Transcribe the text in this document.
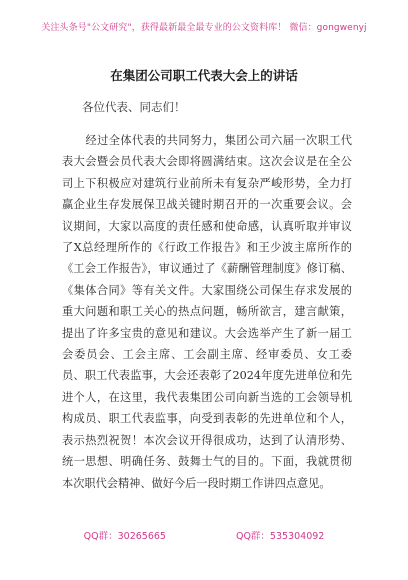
关注头条号"公文研究"，获得最新最全最专业的公文资料库！ 微信：gongwenyj
在集团公司职工代表大会上的讲话
各位代表、同志们！

经过全体代表的共同努力，集团公司六届一次职工代表大会暨会员代表大会即将圆满结束。这次会议是在全公司上下积极应对建筑行业前所未有复杂严峻形势，全力打赢企业生存发展保卫战关键时期召开的一次重要会议。会议期间，大家以高度的责任感和使命感，认真听取并审议了X总经理所作的《行政工作报告》和王少波主席所作的《工会工作报告》，审议通过了《薪酬管理制度》修订稿、《集体合同》等有关文件。大家围绕公司保生存求发展的重大问题和职工关心的热点问题，畅所欲言，建言献策，提出了许多宝贵的意见和建议。大会选举产生了新一届工会委员会、工会主席、工会副主席、经审委员、女工委员、职工代表监事，大会还表彰了2024年度先进单位和先进个人，在这里，我代表集团公司向新当选的工会领导机构成员、职工代表监事，向受到表彰的先进单位和个人，表示热烈祝贺！本次会议开得很成功，达到了认清形势、统一思想、明确任务、鼓舞士气的目的。下面，我就贯彻本次职代会精神、做好今后一段时期工作讲四点意见。

QQ群：30265665	QQ群：535304092
